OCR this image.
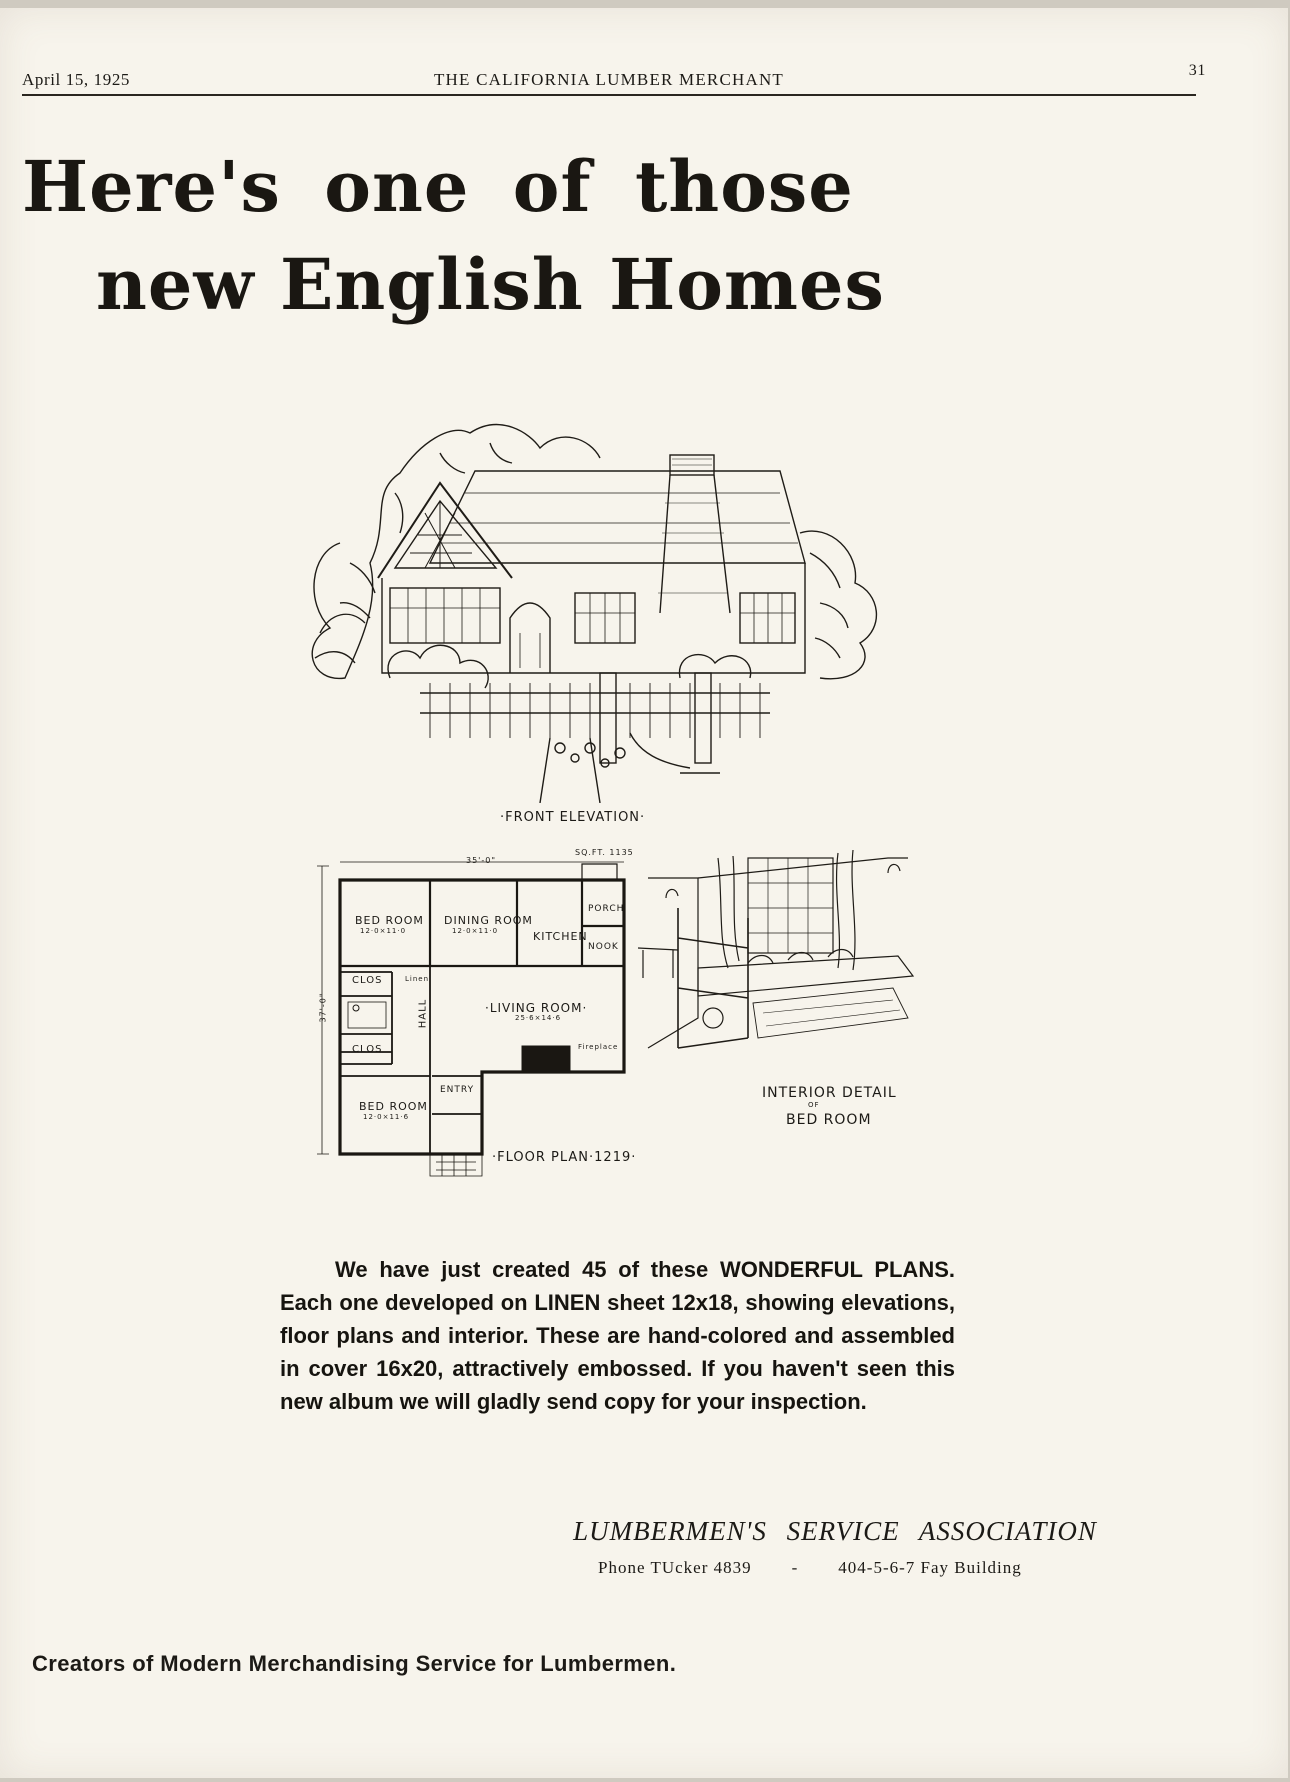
April 15, 1925	THE CALIFORNIA LUMBER MERCHANT	31
Here's one of those
new English Homes
·FRONT ELEVATION·
SQ.FT. 1135
35'-0"
BED ROOM
12·0×11·0
DINING ROOM
12·0×11·0	KITCHEN
PORCH
NOOK
·LIVING ROOM·
25·6×14·6
HALL
CLOS	Linen
CLOS	Fireplace
ENTRY
BED ROOM
12·0×11·6
37'-0"
·FLOOR PLAN·1219·
INTERIOR DETAIL
OF
BED ROOM
We have just created 45 of these WONDERFUL PLANS. Each one developed on LINEN sheet 12x18, showing elevations, floor plans and interior. These are hand-colored and assembled in cover 16x20, attractively embossed. If you haven't seen this new album we will gladly send copy for your inspection.
LUMBERMEN'S SERVICE ASSOCIATION
Phone TUcker 4839 - 404-5-6-7 Fay Building
Creators of Modern Merchandising Service for Lumbermen.
